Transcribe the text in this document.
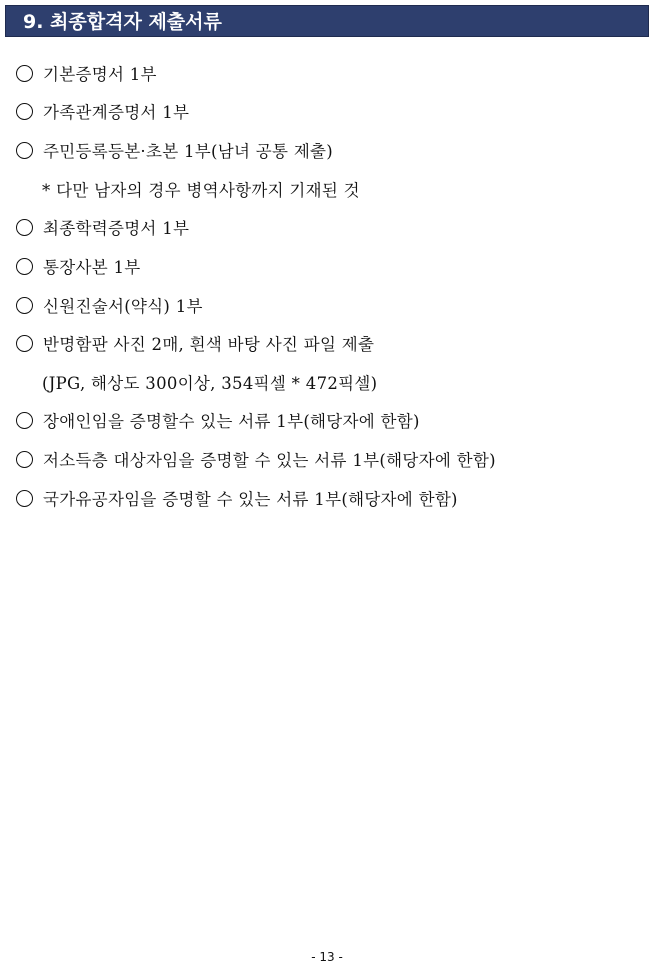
9. 최종합격자 제출서류
기본증명서 1부
가족관계증명서 1부
주민등록등본·초본 1부(남녀 공통 제출)
* 다만 남자의 경우 병역사항까지 기재된 것
최종학력증명서 1부
통장사본 1부
신원진술서(약식) 1부
반명함판 사진 2매, 흰색 바탕 사진 파일 제출
(JPG, 해상도 300이상, 354픽셀 * 472픽셀)
장애인임을 증명할수 있는 서류 1부(해당자에 한함)
저소득층 대상자임을 증명할 수 있는 서류 1부(해당자에 한함)
국가유공자임을 증명할 수 있는 서류 1부(해당자에 한함)
- 13 -
